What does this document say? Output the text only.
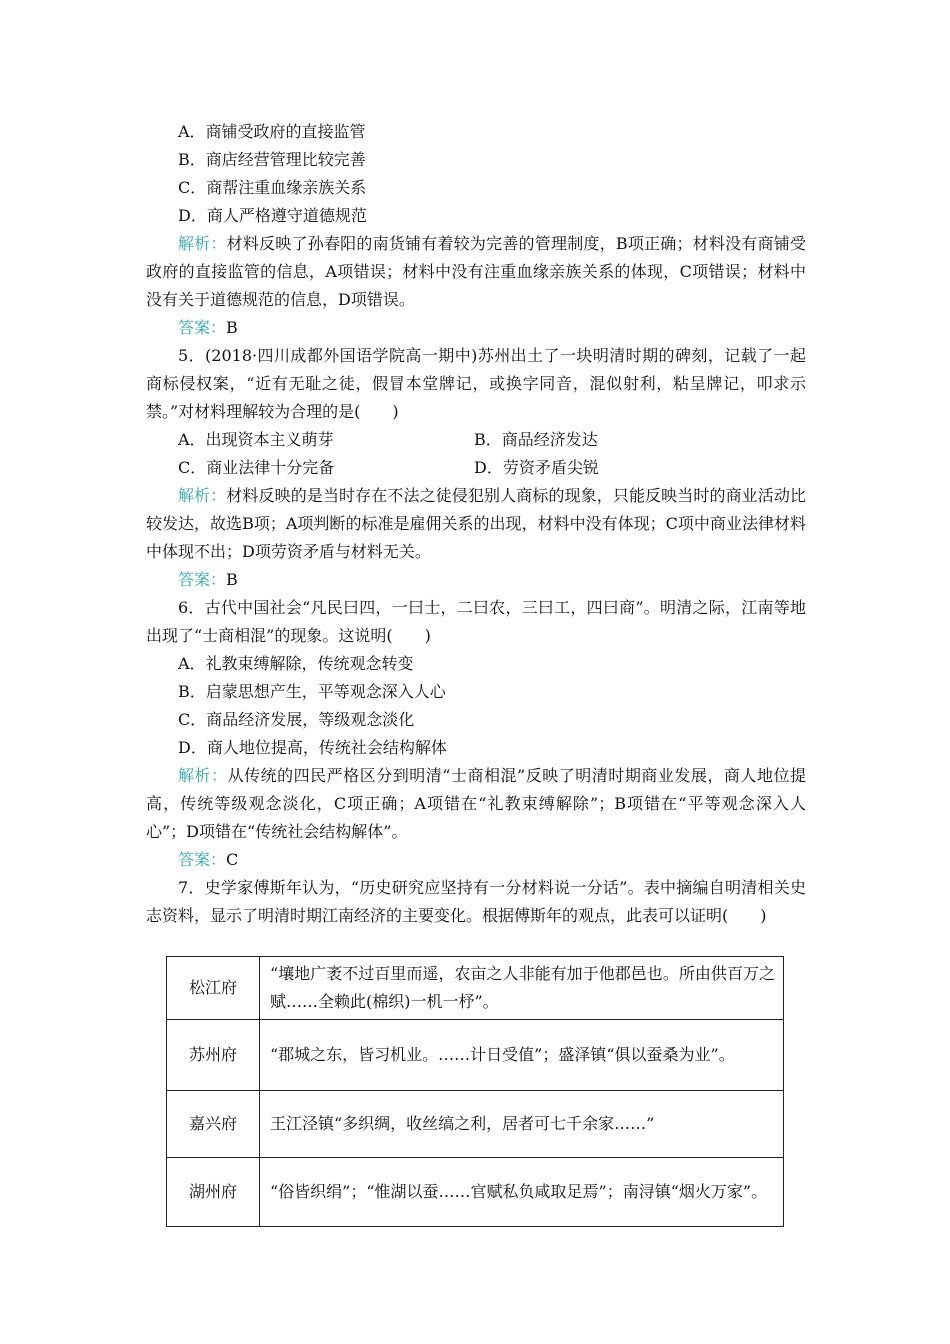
A．商铺受政府的直接监管
B．商店经营管理比较完善
C．商帮注重血缘亲族关系
D．商人严格遵守道德规范
解析：材料反映了孙春阳的南货铺有着较为完善的管理制度，B项正确；材料没有商铺受政府的直接监管的信息，A项错误；材料中没有注重血缘亲族关系的体现，C项错误；材料中没有关于道德规范的信息，D项错误。
答案：B
5．(2018·四川成都外国语学院高一期中)苏州出土了一块明清时期的碑刻，记载了一起商标侵权案，“近有无耻之徒，假冒本堂牌记，或换字同音，混似射利，粘呈牌记，叩求示禁。”对材料理解较为合理的是(　　)
A．出现资本主义萌芽	B．商品经济发达
C．商业法律十分完备	D．劳资矛盾尖锐
解析：材料反映的是当时存在不法之徒侵犯别人商标的现象，只能反映当时的商业活动比较发达，故选B项；A项判断的标准是雇佣关系的出现，材料中没有体现；C项中商业法律材料中体现不出；D项劳资矛盾与材料无关。
答案：B
6．古代中国社会“凡民曰四，一曰士，二曰农，三曰工，四曰商”。明清之际，江南等地出现了“士商相混”的现象。这说明(　　)
A．礼教束缚解除，传统观念转变
B．启蒙思想产生，平等观念深入人心
C．商品经济发展，等级观念淡化
D．商人地位提高，传统社会结构解体
解析：从传统的四民严格区分到明清“士商相混”反映了明清时期商业发展，商人地位提高，传统等级观念淡化，C项正确；A项错在“礼教束缚解除”；B项错在“平等观念深入人心”；D项错在“传统社会结构解体”。
答案：C
7．史学家傅斯年认为，“历史研究应坚持有一分材料说一分话”。表中摘编自明清相关史志资料，显示了明清时期江南经济的主要变化。根据傅斯年的观点，此表可以证明(　　)
松江府	“壤地广袤不过百里而遥，农亩之人非能有加于他郡邑也。所由供百万之赋……全赖此(棉织)一机一杼”。
苏州府	“郡城之东，皆习机业。……计日受值”；盛泽镇“俱以蚕桑为业”。
嘉兴府	王江泾镇“多织绸，收丝缟之利，居者可七千余家……”
湖州府	“俗皆织绢”；“惟湖以蚕……官赋私负咸取足焉”；南浔镇“烟火万家”。
